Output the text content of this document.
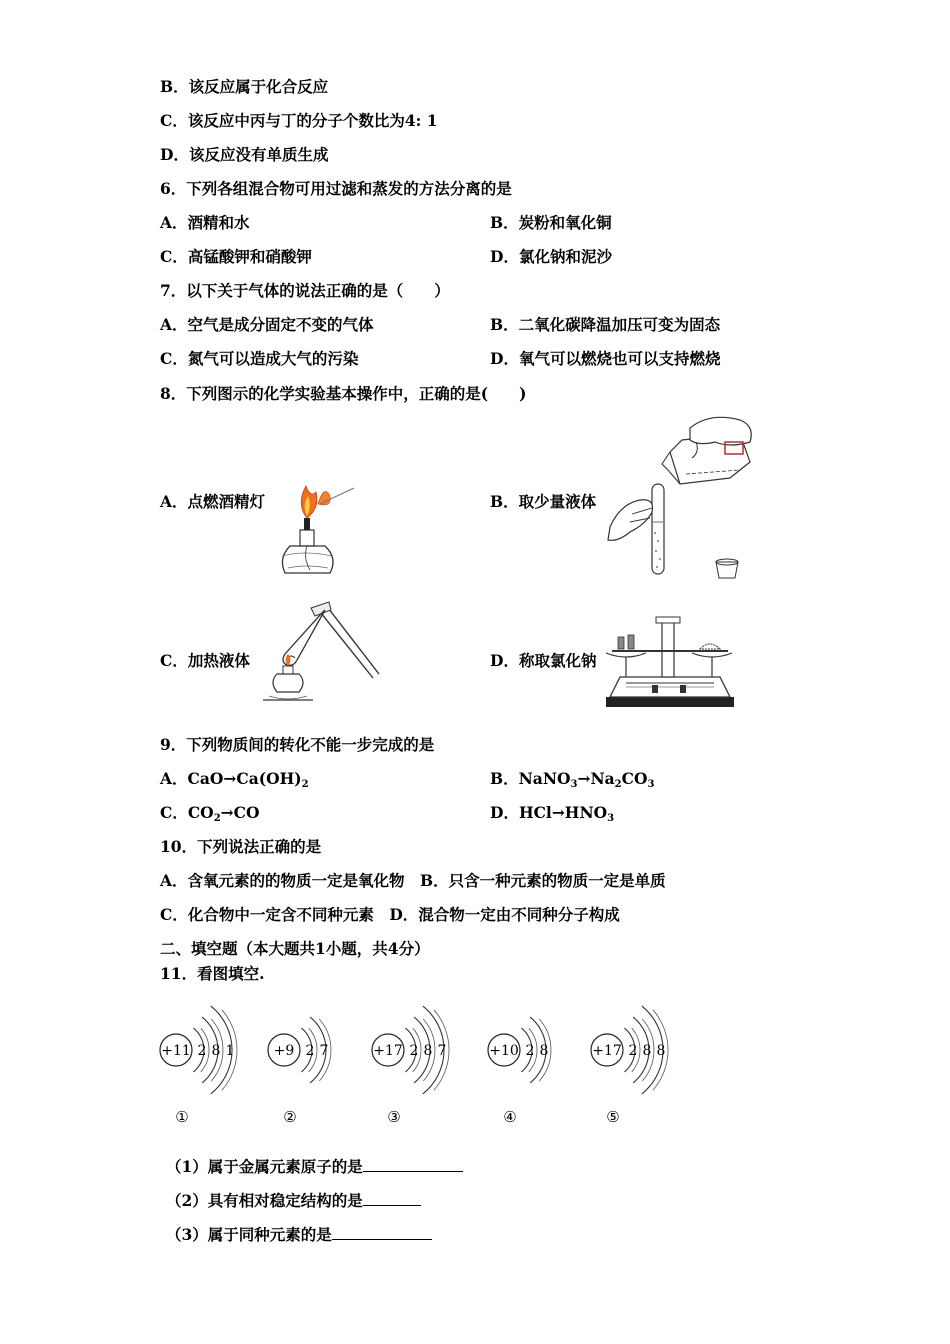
B．该反应属于化合反应
C．该反应中丙与丁的分子个数比为4: 1
D．该反应没有单质生成
6．下列各组混合物可用过滤和蒸发的方法分离的是
A．酒精和水	B．炭粉和氧化铜
C．高锰酸钾和硝酸钾	D．氯化钠和泥沙
7．以下关于气体的说法正确的是（　　）
A．空气是成分固定不变的气体	B．二氧化碳降温加压可变为固态
C．氮气可以造成大气的污染	D．氧气可以燃烧也可以支持燃烧
8．下列图示的化学实验基本操作中，正确的是(　　)
A．点燃酒精灯	B．取少量液体
C．加热液体	D．称取氯化钠
9．下列物质间的转化不能一步完成的是
A．$CaO\to Ca(OH)_2$	B．$NaNO_3\to Na_2CO_3$
C．$CO_2\to CO$	D．$HCl\to HNO_3$
10．下列说法正确的是
A．含氧元素的的物质一定是氧化物　B．只含一种元素的物质一定是单质
C．化合物中一定含不同种元素　D．混合物一定由不同种分子构成
二、填空题（本大题共1小题，共4分）
11．看图填空.
+11 2 8 1
①
+9 2 7
②
+17 2 8 7
③
+10 2 8
④
+17 2 8 8
⑤
（1）属于金属元素原子的是
（2）具有相对稳定结构的是
（3）属于同种元素的是
